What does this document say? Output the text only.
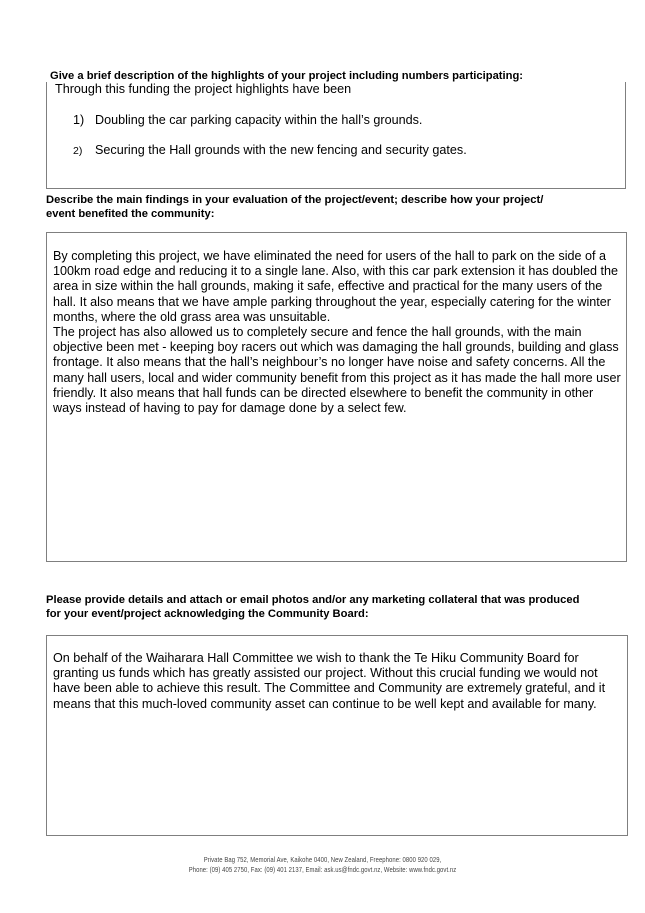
Give a brief description of the highlights of your project including numbers participating:
Through this funding the project highlights have been
1) Doubling the car parking capacity within the hall’s grounds.
2) Securing the Hall grounds with the new fencing and security gates.
Describe the main findings in your evaluation of the project/event; describe how your project/
event benefited the community:

By completing this project, we have eliminated the need for users of the hall to park on the side of a 100km road edge and reducing it to a single lane. Also, with this car park extension it has doubled the area in size within the hall grounds, making it safe, effective and practical for the many users of the hall. It also means that we have ample parking throughout the year, especially catering for the winter months, where the old grass area was unsuitable.

The project has also allowed us to completely secure and fence the hall grounds, with the main objective been met - keeping boy racers out which was damaging the hall grounds, building and glass frontage. It also means that the hall’s neighbour’s no longer have noise and safety concerns. All the many hall users, local and wider community benefit from this project as it has made the hall more user friendly. It also means that hall funds can be directed elsewhere to benefit the community in other ways instead of having to pay for damage done by a select few.

Please provide details and attach or email photos and/or any marketing collateral that was produced
for your event/project acknowledging the Community Board:

On behalf of the Waiharara Hall Committee we wish to thank the Te Hiku Community Board for granting us funds which has greatly assisted our project. Without this crucial funding we would not have been able to achieve this result. The Committee and Community are extremely grateful, and it means that this much-loved community asset can continue to be well kept and available for many.

Private Bag 752, Memorial Ave, Kaikohe 0400, New Zealand, Freephone: 0800 920 029,
Phone: (09) 405 2750, Fax: (09) 401 2137, Email: ask.us@fndc.govt.nz, Website: www.fndc.govt.nz
